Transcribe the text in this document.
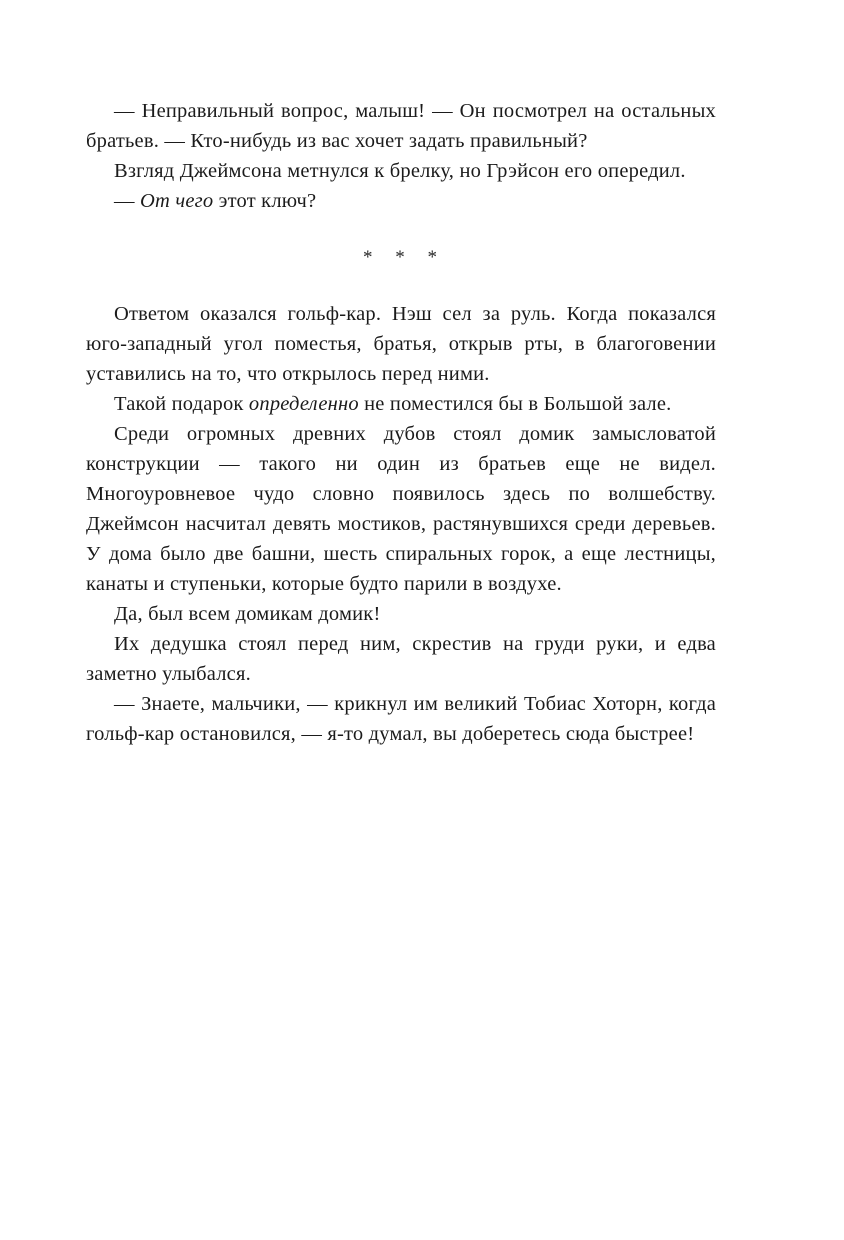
— Неправильный вопрос, малыш! — Он посмотрел на остальных братьев. — Кто-нибудь из вас хочет задать правильный?

Взгляд Джеймсона метнулся к брелку, но Грэйсон его опередил.

— От чего этот ключ?

* * *

Ответом оказался гольф-кар. Нэш сел за руль. Когда показался юго-западный угол поместья, братья, открыв рты, в благоговении уставились на то, что открылось перед ними.

Такой подарок определенно не поместился бы в Большой зале.

Среди огромных древних дубов стоял домик замысловатой конструкции — такого ни один из братьев еще не видел. Многоуровневое чудо словно появилось здесь по волшебству. Джеймсон насчитал девять мостиков, растянувшихся среди деревьев. У дома было две башни, шесть спиральных горок, а еще лестницы, канаты и ступеньки, которые будто парили в воздухе.

Да, был всем домикам домик!

Их дедушка стоял перед ним, скрестив на груди руки, и едва заметно улыбался.

— Знаете, мальчики, — крикнул им великий Тобиас Хоторн, когда гольф-кар остановился, — я-то думал, вы доберетесь сюда быстрее!
